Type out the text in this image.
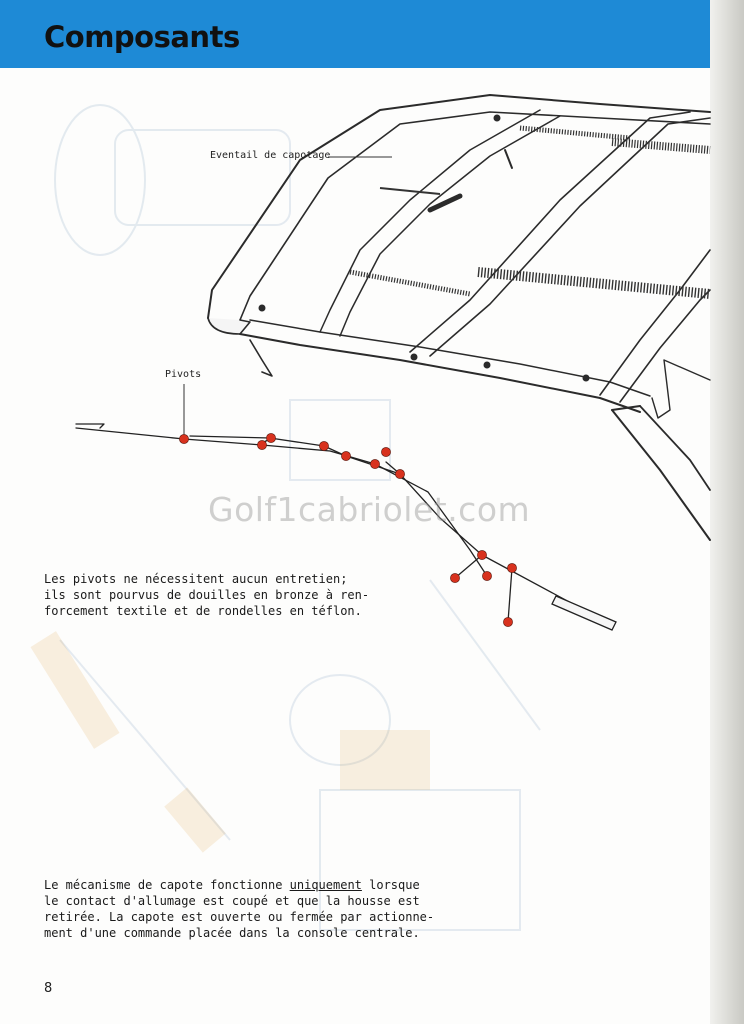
Composants
Eventail de capotage
Pivots
Golf1cabriolet.com
Les pivots ne nécessitent aucun entretien;
ils sont pourvus de douilles en bronze à ren-
forcement textile et de rondelles en téflon.
Le mécanisme de capote fonctionne uniquement lorsque
le contact d'allumage est coupé et que la housse est
retirée. La capote est ouverte ou fermée par actionne-
ment d'une commande placée dans la console centrale.
8
